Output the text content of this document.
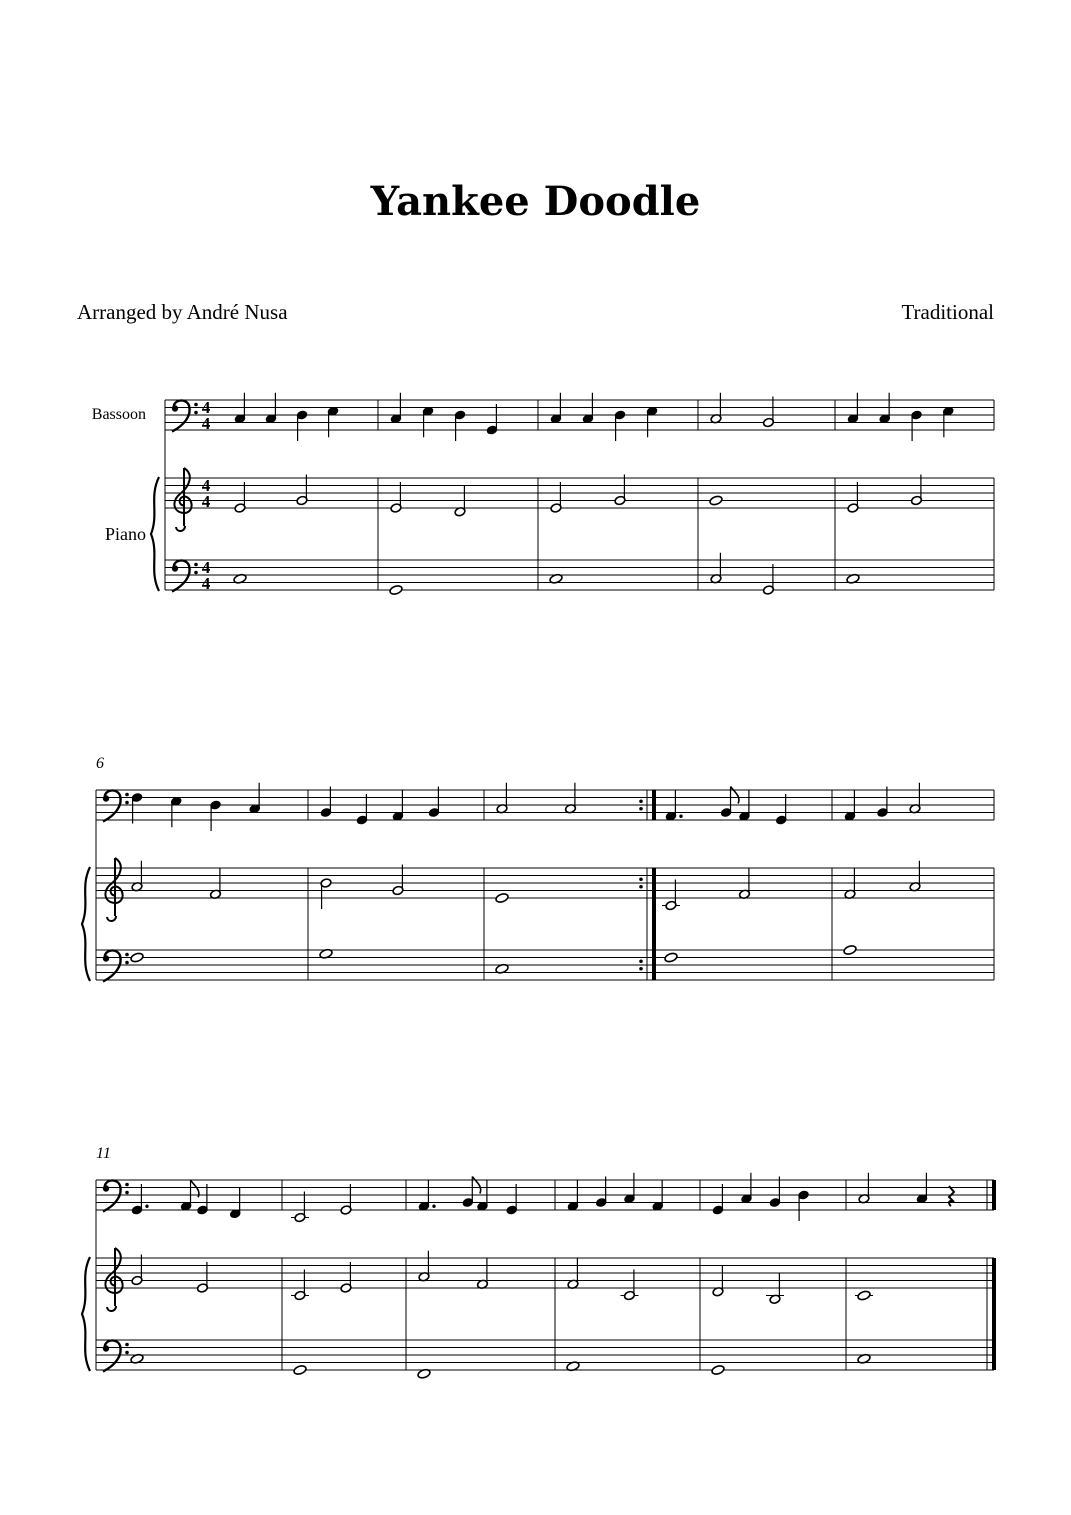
Yankee Doodle
Arranged by André Nusa	Traditional
Bassoon
Piano
4
4
4
4
4
4
6
11
